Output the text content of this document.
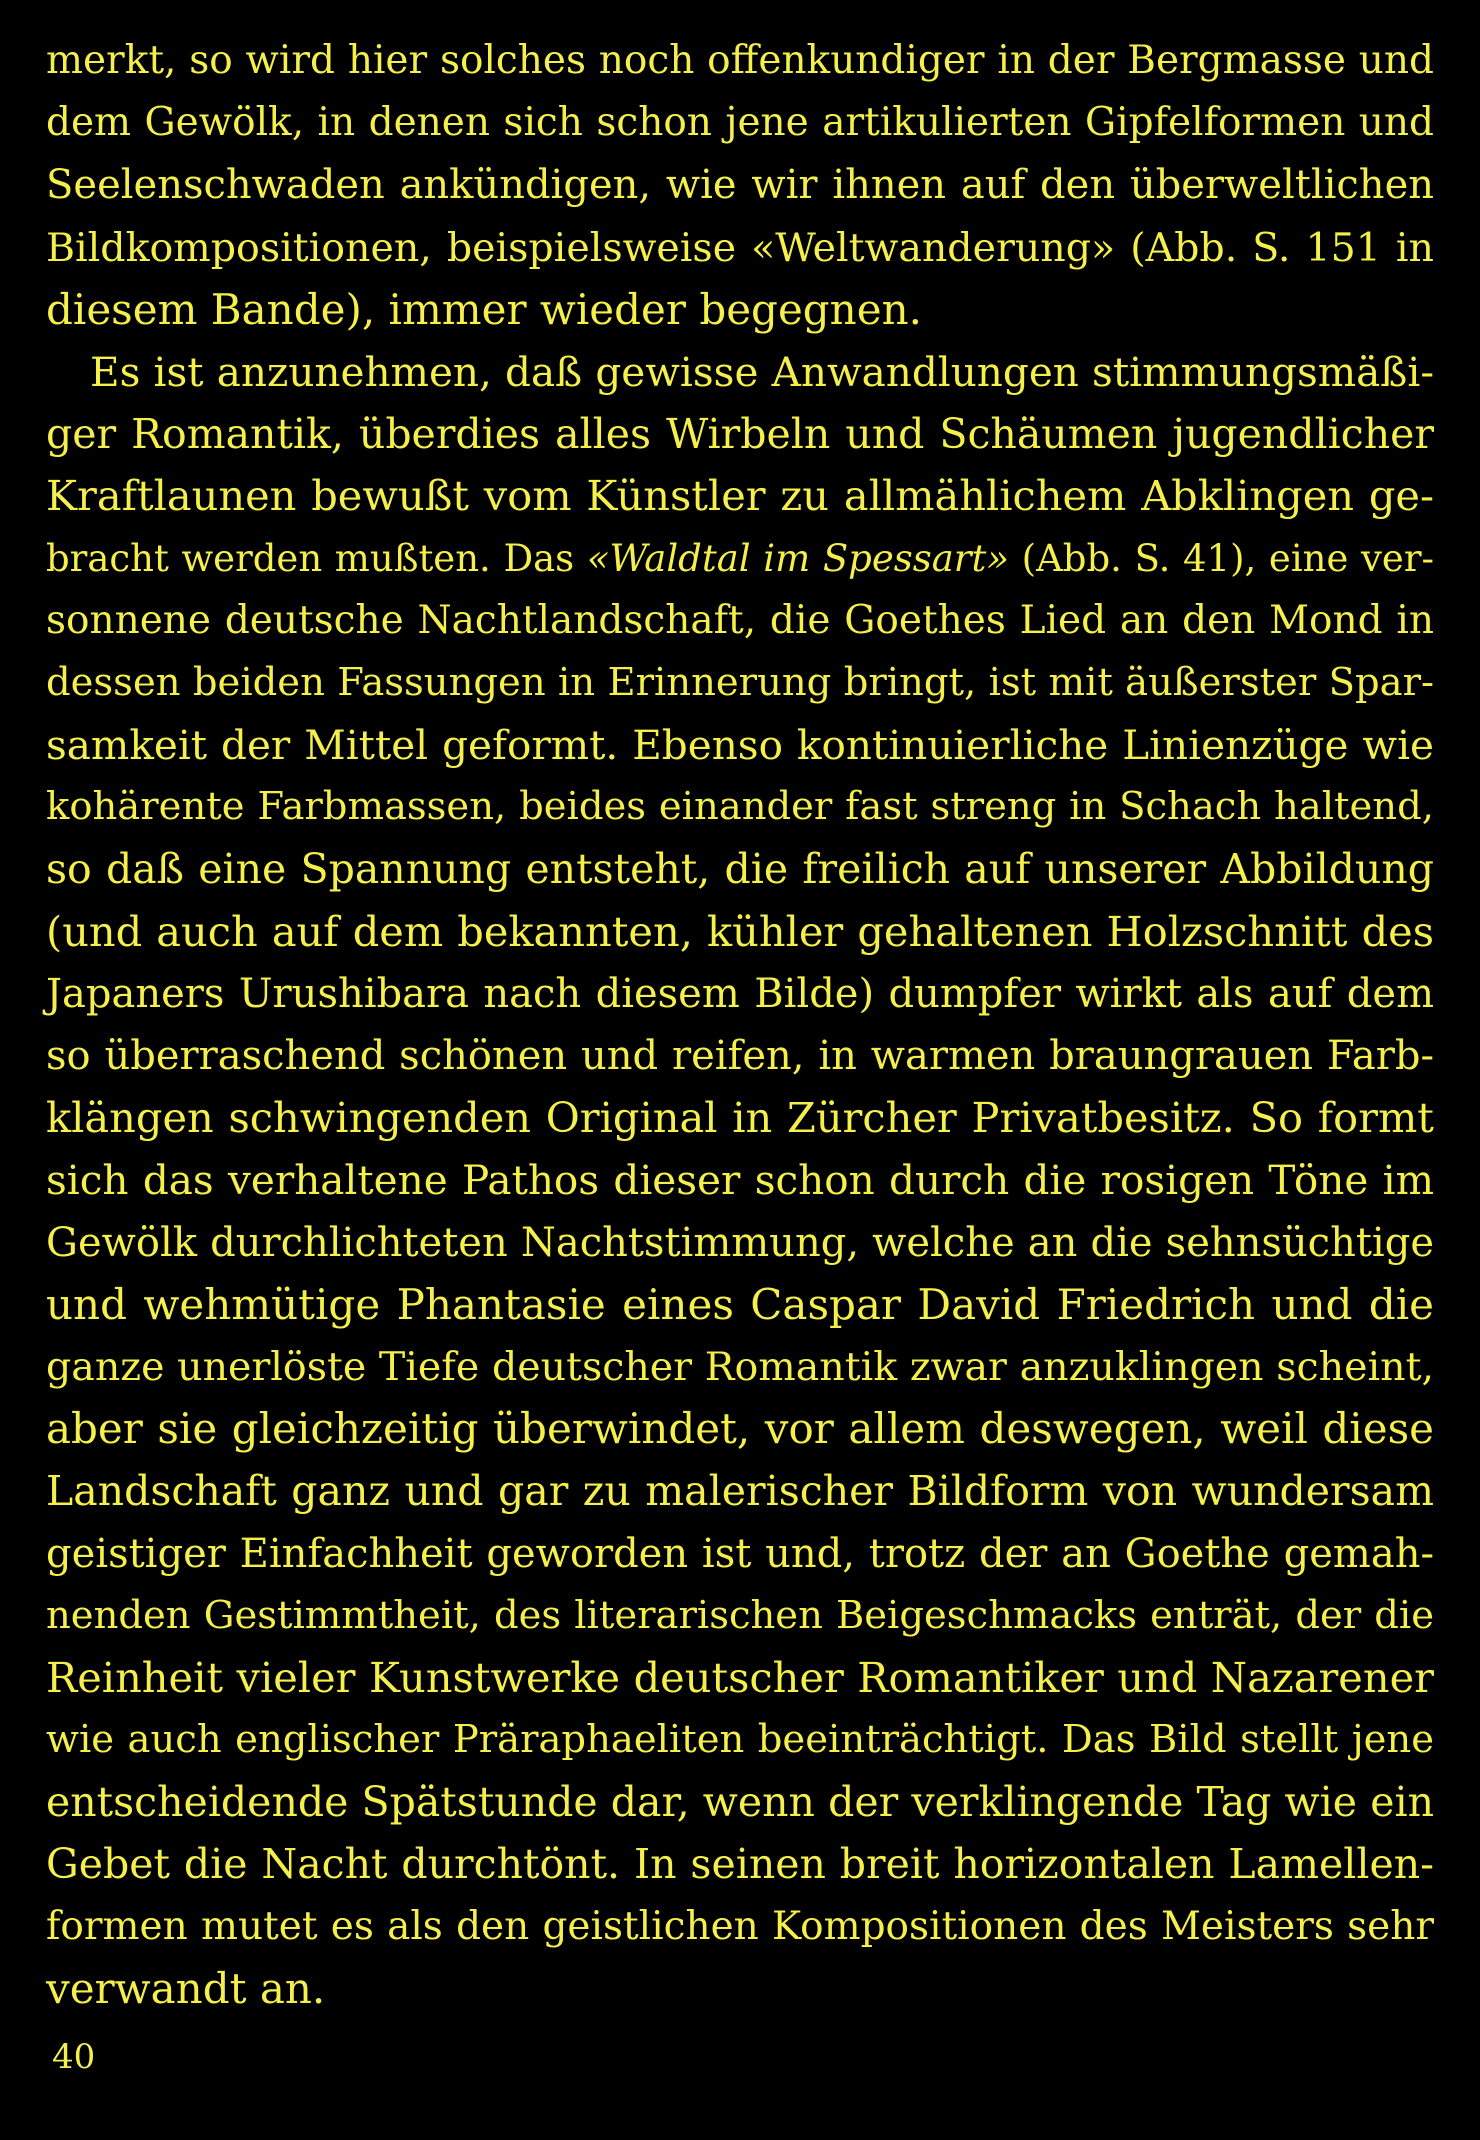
merkt, so wird hier solches noch offenkundiger in der Bergmasse und
dem Gewölk, in denen sich schon jene artikulierten Gipfelformen und
Seelenschwaden ankündigen, wie wir ihnen auf den überweltlichen
Bildkompositionen, beispielsweise «Weltwanderung» (Abb. S. 151 in
diesem Bande), immer wieder begegnen.
Es ist anzunehmen, daß gewisse Anwandlungen stimmungsmäßi-
ger Romantik, überdies alles Wirbeln und Schäumen jugendlicher
Kraftlaunen bewußt vom Künstler zu allmählichem Abklingen ge-
bracht werden mußten. Das «Waldtal im Spessart» (Abb. S. 41), eine ver-
sonnene deutsche Nachtlandschaft, die Goethes Lied an den Mond in
dessen beiden Fassungen in Erinnerung bringt, ist mit äußerster Spar-
samkeit der Mittel geformt. Ebenso kontinuierliche Linienzüge wie
kohärente Farbmassen, beides einander fast streng in Schach haltend,
so daß eine Spannung entsteht, die freilich auf unserer Abbildung
(und auch auf dem bekannten, kühler gehaltenen Holzschnitt des
Japaners Urushibara nach diesem Bilde) dumpfer wirkt als auf dem
so überraschend schönen und reifen, in warmen braungrauen Farb-
klängen schwingenden Original in Zürcher Privatbesitz. So formt
sich das verhaltene Pathos dieser schon durch die rosigen Töne im
Gewölk durchlichteten Nachtstimmung, welche an die sehnsüchtige
und wehmütige Phantasie eines Caspar David Friedrich und die
ganze unerlöste Tiefe deutscher Romantik zwar anzuklingen scheint,
aber sie gleichzeitig überwindet, vor allem deswegen, weil diese
Landschaft ganz und gar zu malerischer Bildform von wundersam
geistiger Einfachheit geworden ist und, trotz der an Goethe gemah-
nenden Gestimmtheit, des literarischen Beigeschmacks enträt, der die
Reinheit vieler Kunstwerke deutscher Romantiker und Nazarener
wie auch englischer Präraphaeliten beeinträchtigt. Das Bild stellt jene
entscheidende Spätstunde dar, wenn der verklingende Tag wie ein
Gebet die Nacht durchtönt. In seinen breit horizontalen Lamellen-
formen mutet es als den geistlichen Kompositionen des Meisters sehr
verwandt an.
40
